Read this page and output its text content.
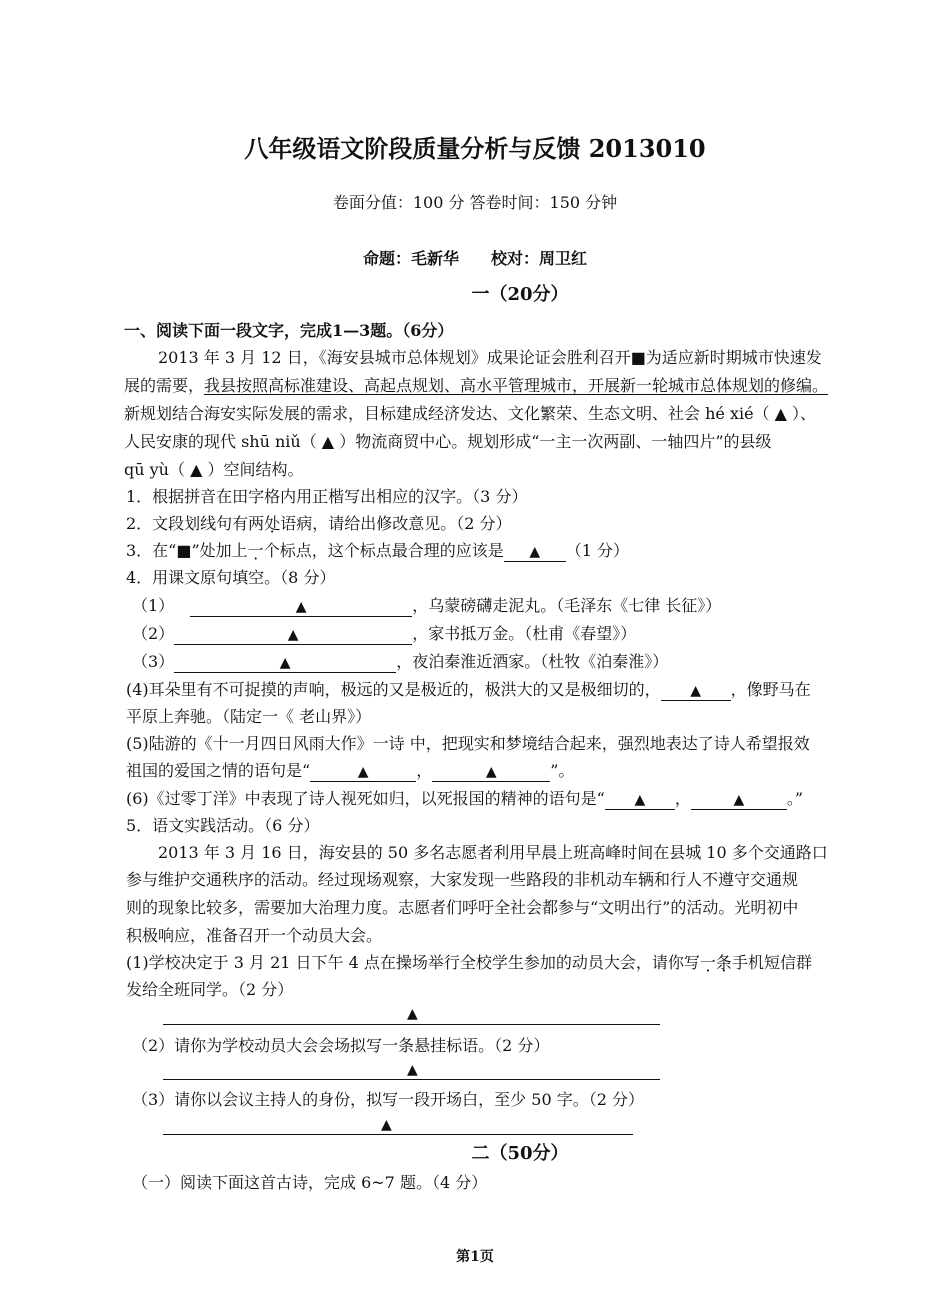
八年级语文阶段质量分析与反馈 2013010
卷面分值：100 分 答卷时间：150 分钟
命题：毛新华　　校对：周卫红
一（20分）
一、阅读下面一段文字，完成1—3题。（6分）
2013 年 3 月 12 日，《海安县城市总体规划》成果论证会胜利召开■为适应新时期城市快速发
展的需要，我县按照高标准建设、高起点规划、高水平管理城市，开展新一轮城市总体规划的修编。
新规划结合海安实际发展的需求，目标建成经济发达、文化繁荣、生态文明、社会 hé xié（ ▲ ）、
人民安康的现代 shū niǔ（ ▲ ）物流商贸中心。规划形成“一主一次两副、一轴四片”的县级
qū yù（ ▲ ）空间结构。
1．根据拼音在田字格内用正楷写出相应的汉字。（3 分）
2．文段划线句有两处语病，请给出修改意见。（2 分）
3．在“■”处加上一个标点，这个标点最合理的应该是 ▲ （1 分）
4．用课文原句填空。（8 分）
（1）	▲	，乌蒙磅礴走泥丸。（毛泽东《七律 长征》）
（2）	▲	，家书抵万金。（杜甫《春望》）
（3）	▲	，夜泊秦淮近酒家。（杜牧《泊秦淮》）
(4)耳朵里有不可捉摸的声响，极远的又是极近的，极洪大的又是极细切的， ▲ ，像野马在
平原上奔驰。（陆定一《 老山界》）
(5)陆游的《十一月四日风雨大作》一诗 中，把现实和梦境结合起来，强烈地表达了诗人希望报效
祖国的爱国之情的语句是“	▲	，	▲	”。
(6)《过零丁洋》中表现了诗人视死如归，以死报国的精神的语句是“ ▲ ，	▲	。”
5．语文实践活动。（6 分）
2013 年 3 月 16 日，海安县的 50 多名志愿者利用早晨上班高峰时间在县城 10 多个交通路口
参与维护交通秩序的活动。经过现场观察，大家发现一些路段的非机动车辆和行人不遵守交通规
则的现象比较多，需要加大治理力度。志愿者们呼吁全社会都参与“文明出行”的活动。光明初中
积极响应，准备召开一个动员大会。
(1)学校决定于 3 月 21 日下午 4 点在操场举行全校学生参加的动员大会，请你写一条手机短信群
发给全班同学。（2 分）
▲
（2）请你为学校动员大会会场拟写一条悬挂标语。（2 分）
▲
（3）请你以会议主持人的身份，拟写一段开场白，至少 50 字。（2 分）
▲
二（50分）
（一）阅读下面这首古诗，完成 6~7 题。（4 分）
第1页
